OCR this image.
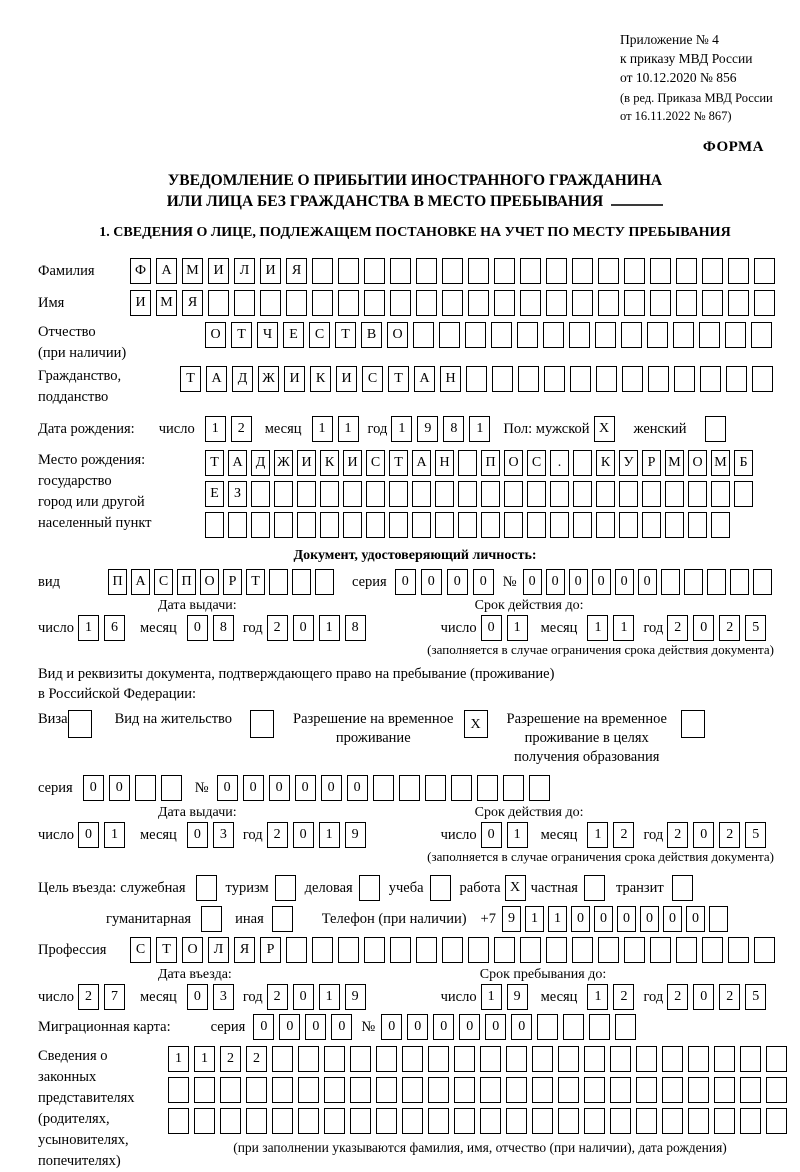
Приложение № 4
к приказу МВД России
от 10.12.2020 № 856
(в ред. Приказа МВД России
от 16.11.2022 № 867)
ФОРМА
УВЕДОМЛЕНИЕ О ПРИБЫТИИ ИНОСТРАННОГО ГРАЖДАНИНА
ИЛИ ЛИЦА БЕЗ ГРАЖДАНСТВА В МЕСТО ПРЕБЫВАНИЯ
1. СВЕДЕНИЯ О ЛИЦЕ, ПОДЛЕЖАЩЕМ ПОСТАНОВКЕ НА УЧЕТ ПО МЕСТУ ПРЕБЫВАНИЯ
Фамилия	Ф	А	М	И	Л	И	Я
Имя	И	М	Я
Отчество
(при наличии)
О	Т	Ч	Е	С	Т	В	О
Гражданство,
подданство
Т	А	Д	Ж	И	К	И	С	Т	А	Н
Дата рождения: число	1	2	месяц	1	1	год 1	9	8	1	Пол: мужской X	женский
Место рождения:
государство
город или другой
населенный пункт
Т А Д Ж И К И С	Т А Н	П О С	.	К У	Р М О М Б
Е	З
Документ, удостоверяющий личность:
вид	П А С П О	Р	Т	серия	0	0	0	0	№ 0	0	0	0	0	0
Дата выдачи:	Срок действия до:
число 1	6	месяц	0	8	год 2	0	1	8	число 0	1	месяц	1	1	год 2	0	2	5
(заполняется в случае ограничения срока действия документа)
Вид и реквизиты документа, подтверждающего право на пребывание (проживание)
в Российской Федерации:
Виза	Вид на жительство	Разрешение на временное
проживание
X	Разрешение на временное
проживание в целях
получения образования
серия	0	0	№	0	0	0	0	0	0
Дата выдачи:	Срок действия до:
число 0	1	месяц	0	3	год 2	0	1	9	число 0	1	месяц	1	2	год 2	0	2	5
(заполняется в случае ограничения срока действия документа)
Цель въезда: служебная	туризм деловая учеба работа X частная	транзит
гуманитарная	иная	Телефон (при наличии) +7 9	1	1	0	0	0	0	0	0
Профессия	С	Т	О	Л	Я	Р
Дата въезда:	Срок пребывания до:
число 2	7	месяц	0	3	год 2	0	1	9	число 1	9	месяц	1	2	год 2	0	2	5
Миграционная карта:	серия	0	0	0	0	№ 0	0	0	0	0	0
Сведения о
законных
представителях
(родителях,
усыновителях,
попечителях)
1	1	2	2
(при заполнении указываются фамилия, имя, отчество (при наличии), дата рождения)
